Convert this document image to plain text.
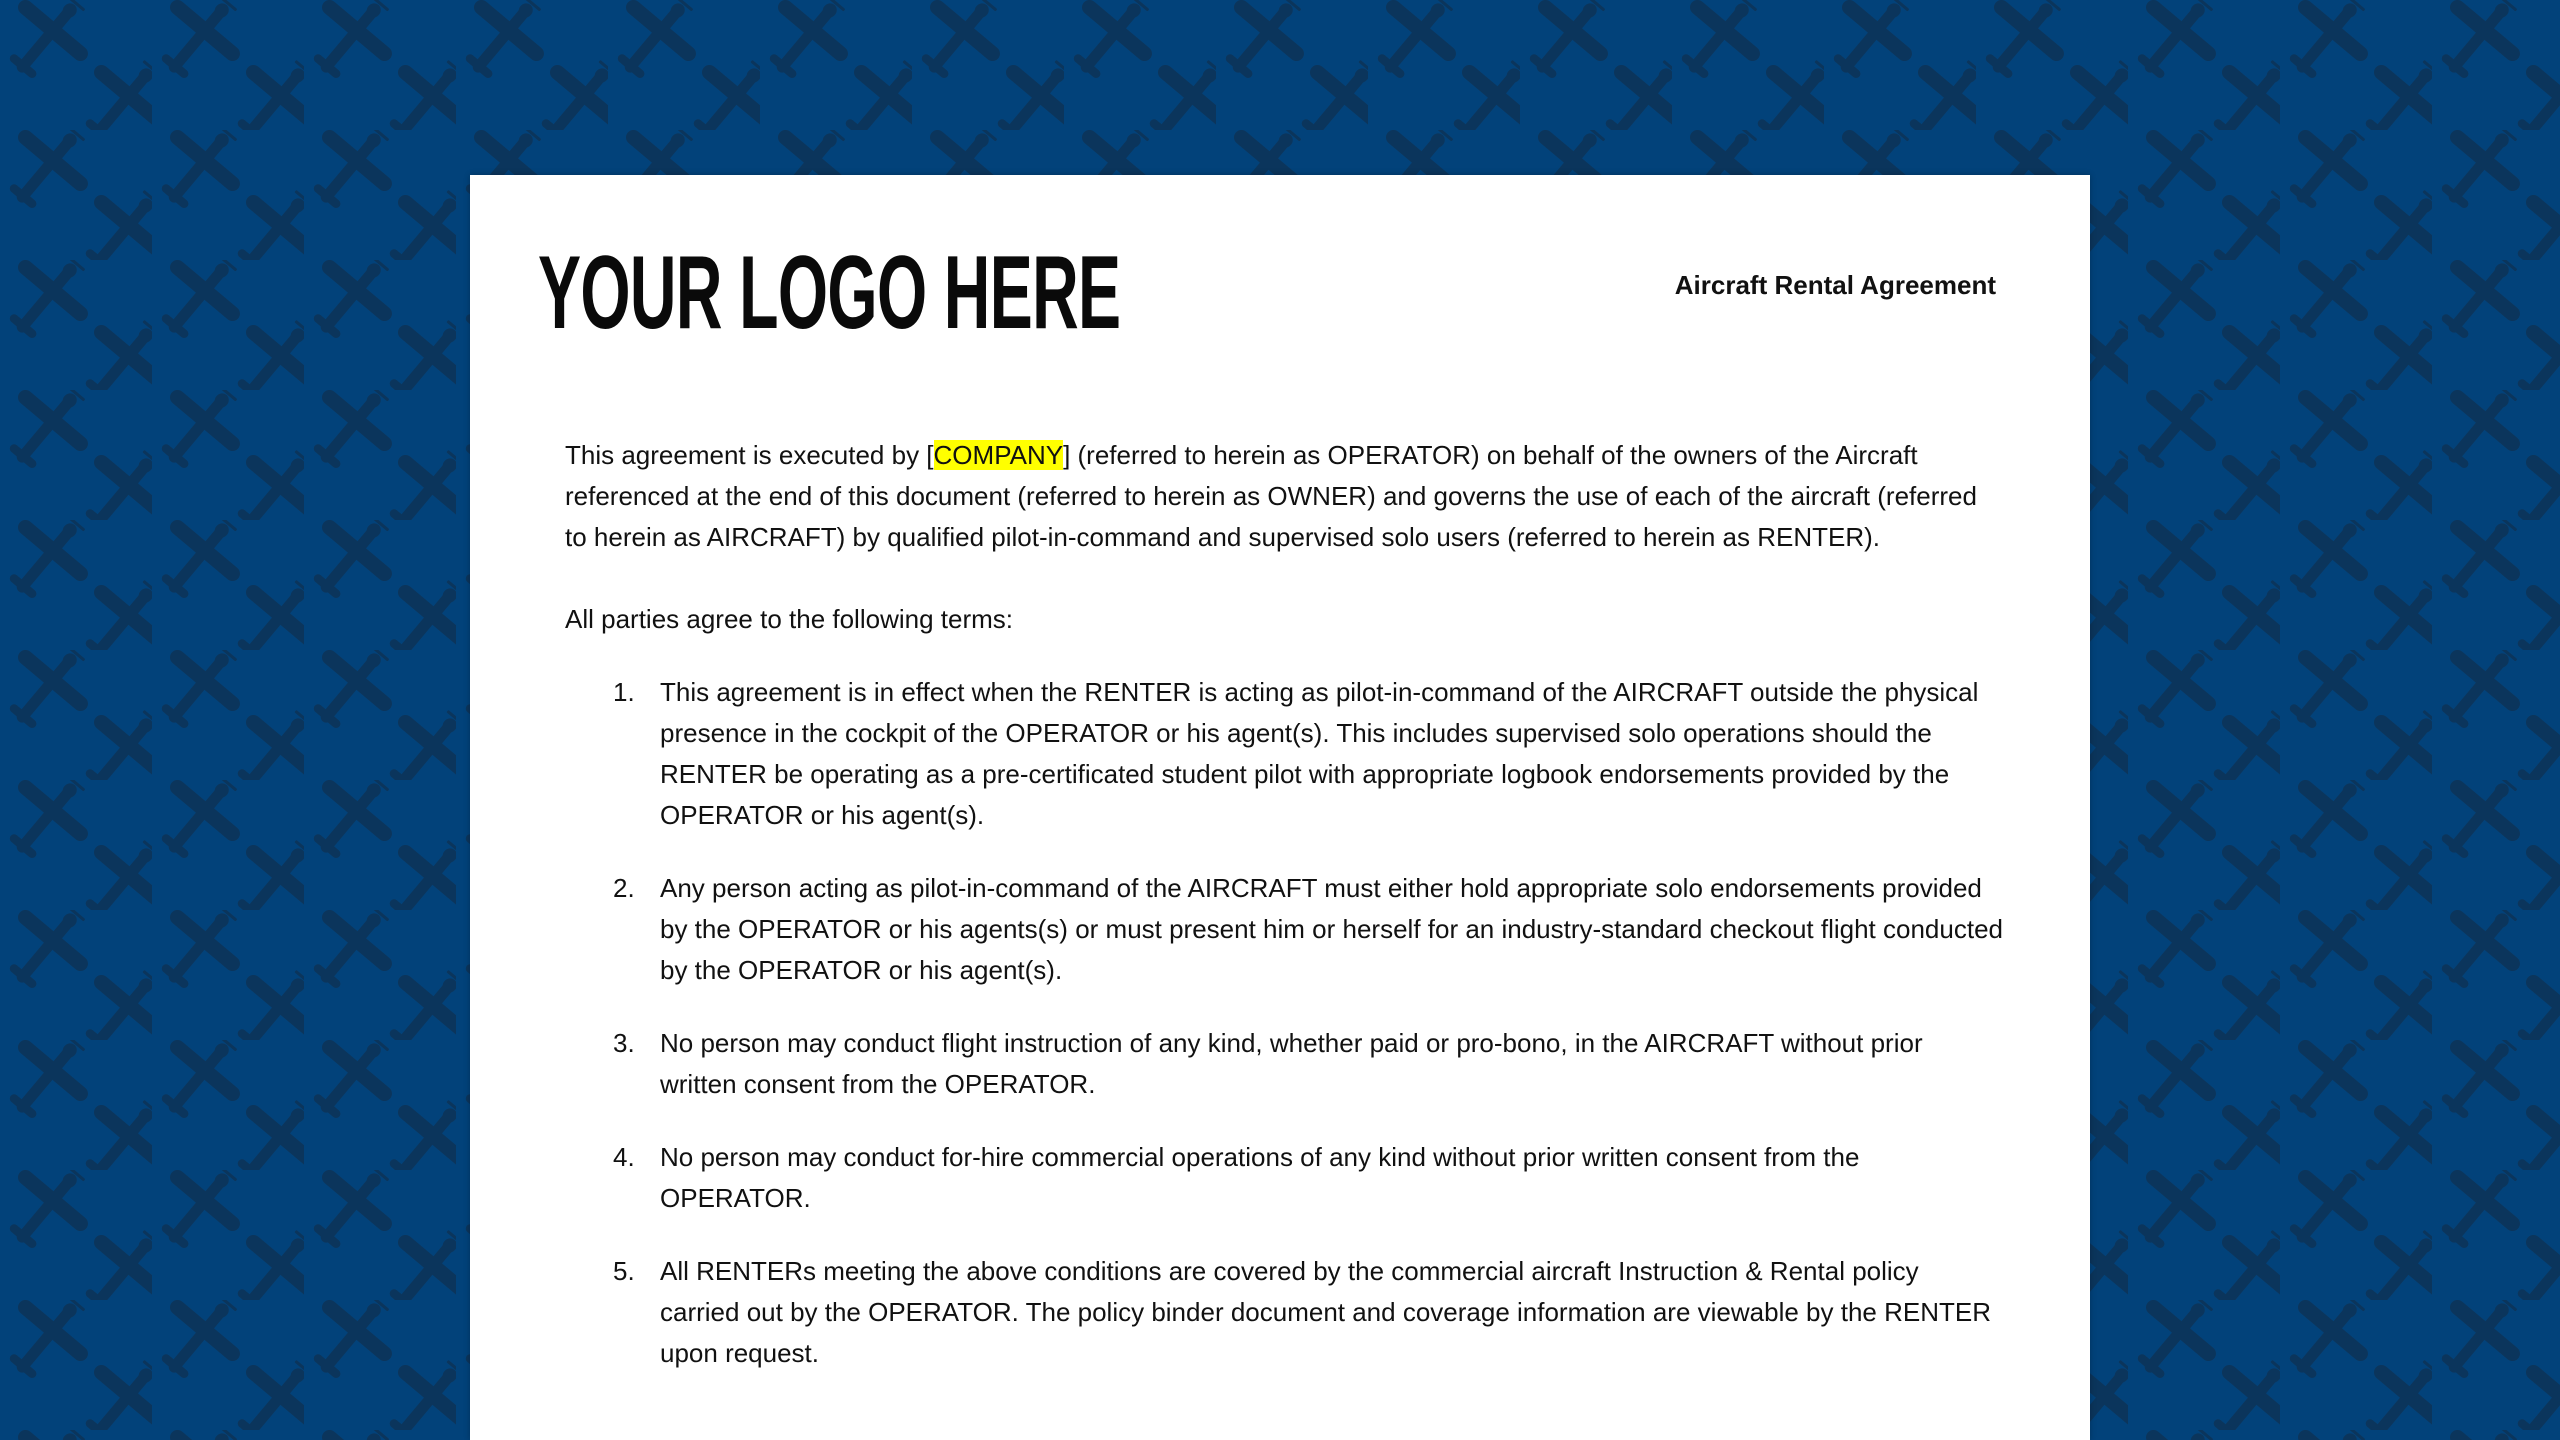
YOUR LOGO HERE	Aircraft Rental Agreement

This agreement is executed by [COMPANY] (referred to herein as OPERATOR) on behalf of the owners of the Aircraft referenced at the end of this document (referred to herein as OWNER) and governs the use of each of the aircraft (referred to herein as AIRCRAFT) by qualified pilot-in-command and supervised solo users (referred to herein as RENTER).

All parties agree to the following terms:

1. This agreement is in effect when the RENTER is acting as pilot-in-command of the AIRCRAFT outside the physical presence in the cockpit of the OPERATOR or his agent(s). This includes supervised solo operations should the RENTER be operating as a pre-certificated student pilot with appropriate logbook endorsements provided by the OPERATOR or his agent(s).
2. Any person acting as pilot-in-command of the AIRCRAFT must either hold appropriate solo endorsements provided by the OPERATOR or his agents(s) or must present him or herself for an industry-standard checkout flight conducted by the OPERATOR or his agent(s).
3. No person may conduct flight instruction of any kind, whether paid or pro-bono, in the AIRCRAFT without prior written consent from the OPERATOR.
4. No person may conduct for-hire commercial operations of any kind without prior written consent from the OPERATOR.
5. All RENTERs meeting the above conditions are covered by the commercial aircraft Instruction & Rental policy carried out by the OPERATOR. The policy binder document and coverage information are viewable by the RENTER upon request.
